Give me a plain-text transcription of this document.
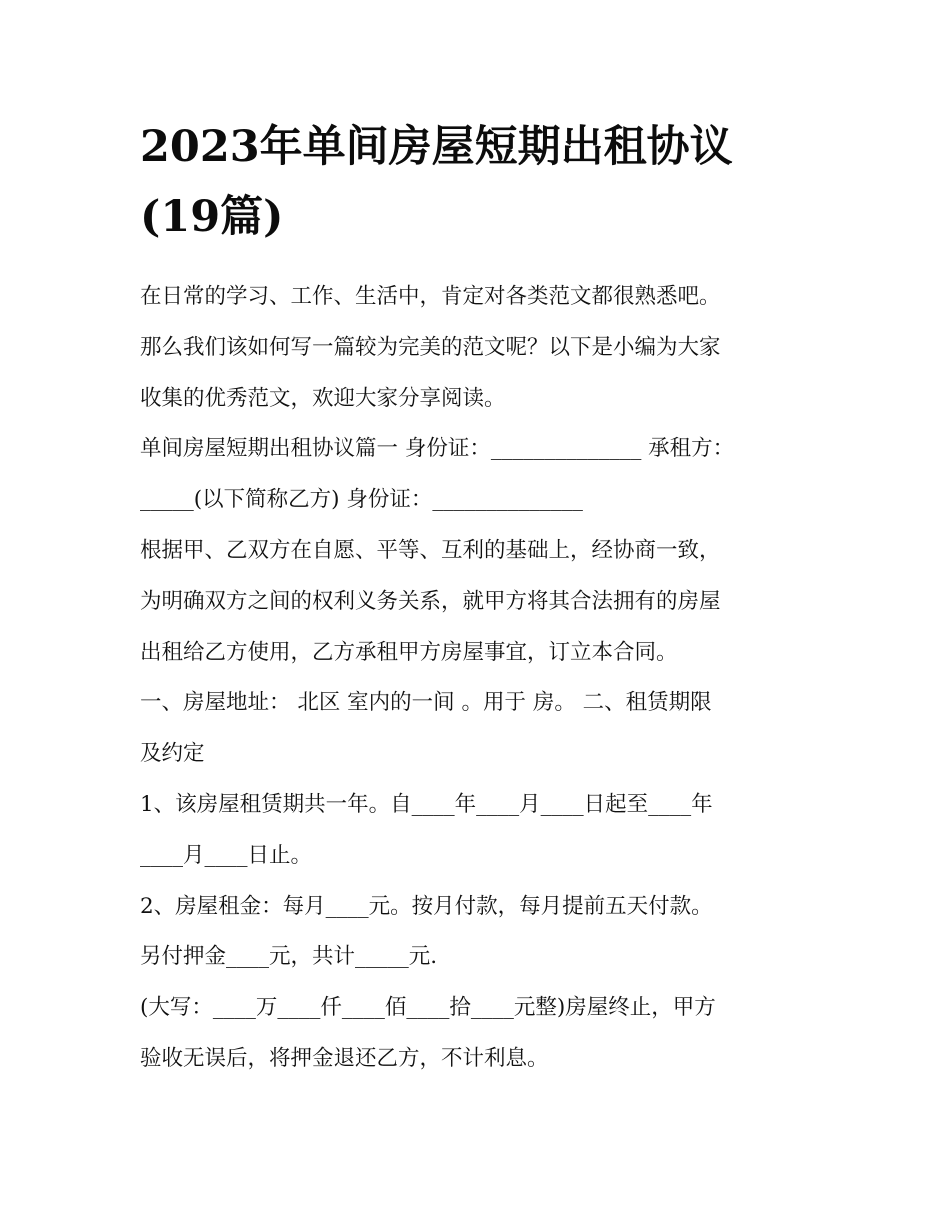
2023年单间房屋短期出租协议
(19篇)
在日常的学习、工作、生活中，肯定对各类范文都很熟悉吧。
那么我们该如何写一篇较为完美的范文呢？以下是小编为大家
收集的优秀范文，欢迎大家分享阅读。
单间房屋短期出租协议篇一 身份证：______________ 承租方：
_____(以下简称乙方) 身份证：______________
根据甲、乙双方在自愿、平等、互利的基础上，经协商一致，
为明确双方之间的权利义务关系，就甲方将其合法拥有的房屋
出租给乙方使用，乙方承租甲方房屋事宜，订立本合同。
一、房屋地址： 北区 室内的一间 。用于 房。 二、租赁期限
及约定
1、该房屋租赁期共一年。自____年____月____日起至____年
____月____日止。
2、房屋租金：每月____元。按月付款，每月提前五天付款。
另付押金____元，共计_____元.
(大写：____万____仟____佰____拾____元整)房屋终止，甲方
验收无误后，将押金退还乙方，不计利息。
